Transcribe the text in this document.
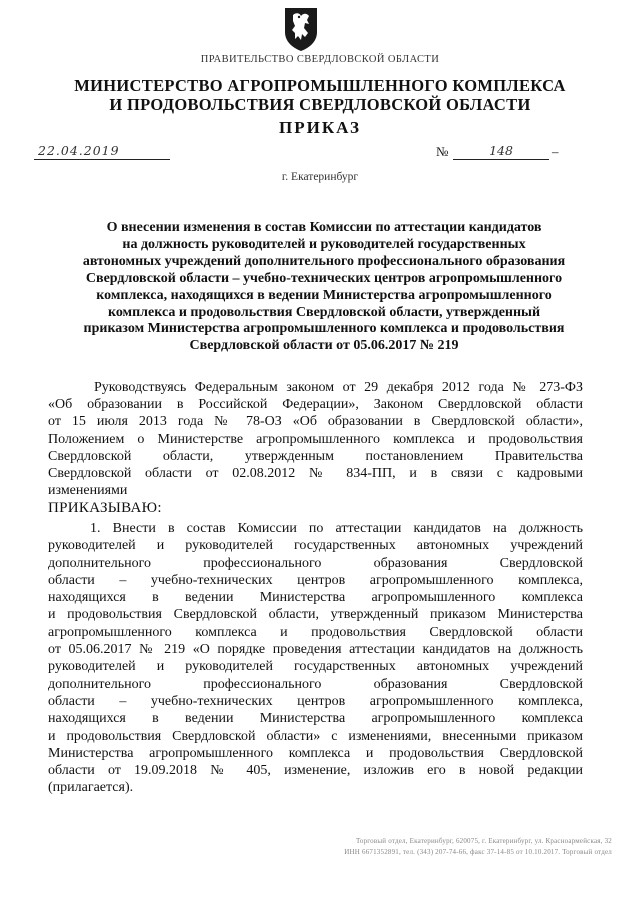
ПРАВИТЕЛЬСТВО СВЕРДЛОВСКОЙ ОБЛАСТИ
МИНИСТЕРСТВО АГРОПРОМЫШЛЕННОГО КОМПЛЕКСА
И ПРОДОВОЛЬСТВИЯ СВЕРДЛОВСКОЙ ОБЛАСТИ
ПРИКАЗ
22.04.2019	№	148	–
г. Екатеринбург
О внесении изменения в состав Комиссии по аттестации кандидатов
на должность руководителей и руководителей государственных
автономных учреждений дополнительного профессионального образования
Свердловской области – учебно-технических центров агропромышленного
комплекса, находящихся в ведении Министерства агропромышленного
комплекса и продовольствия Свердловской области, утвержденный
приказом Министерства агропромышленного комплекса и продовольствия
Свердловской области от 05.06.2017 № 219
Руководствуясь Федеральным законом от 29 декабря 2012 года № 273-ФЗ
«Об образовании в Российской Федерации», Законом Свердловской области
от 15 июля 2013 года № 78-ОЗ «Об образовании в Свердловской области»,
Положением о Министерстве агропромышленного комплекса и продовольствия
Свердловской области, утвержденным постановлением Правительства
Свердловской области от 02.08.2012 № 834-ПП, и в связи с кадровыми
изменениями
ПРИКАЗЫВАЮ:
1. Внести в состав Комиссии по аттестации кандидатов на должность
руководителей и руководителей государственных автономных учреждений
дополнительного профессионального образования Свердловской
области – учебно-технических центров агропромышленного комплекса,
находящихся в ведении Министерства агропромышленного комплекса
и продовольствия Свердловской области, утвержденный приказом Министерства
агропромышленного комплекса и продовольствия Свердловской области
от 05.06.2017 № 219 «О порядке проведения аттестации кандидатов на должность
руководителей и руководителей государственных автономных учреждений
дополнительного профессионального образования Свердловской
области – учебно-технических центров агропромышленного комплекса,
находящихся в ведении Министерства агропромышленного комплекса
и продовольствия Свердловской области» с изменениями, внесенными приказом
Министерства агропромышленного комплекса и продовольствия Свердловской
области от 19.09.2018 № 405, изменение, изложив его в новой редакции
(прилагается).
Торговый отдел, Екатеринбург, 620075, г. Екатеринбург, ул. Красноармейская, 32
ИНН 6671352891, тел. (343) 207-74-66, факс 37-14-85 от 10.10.2017. Торговый отдел
